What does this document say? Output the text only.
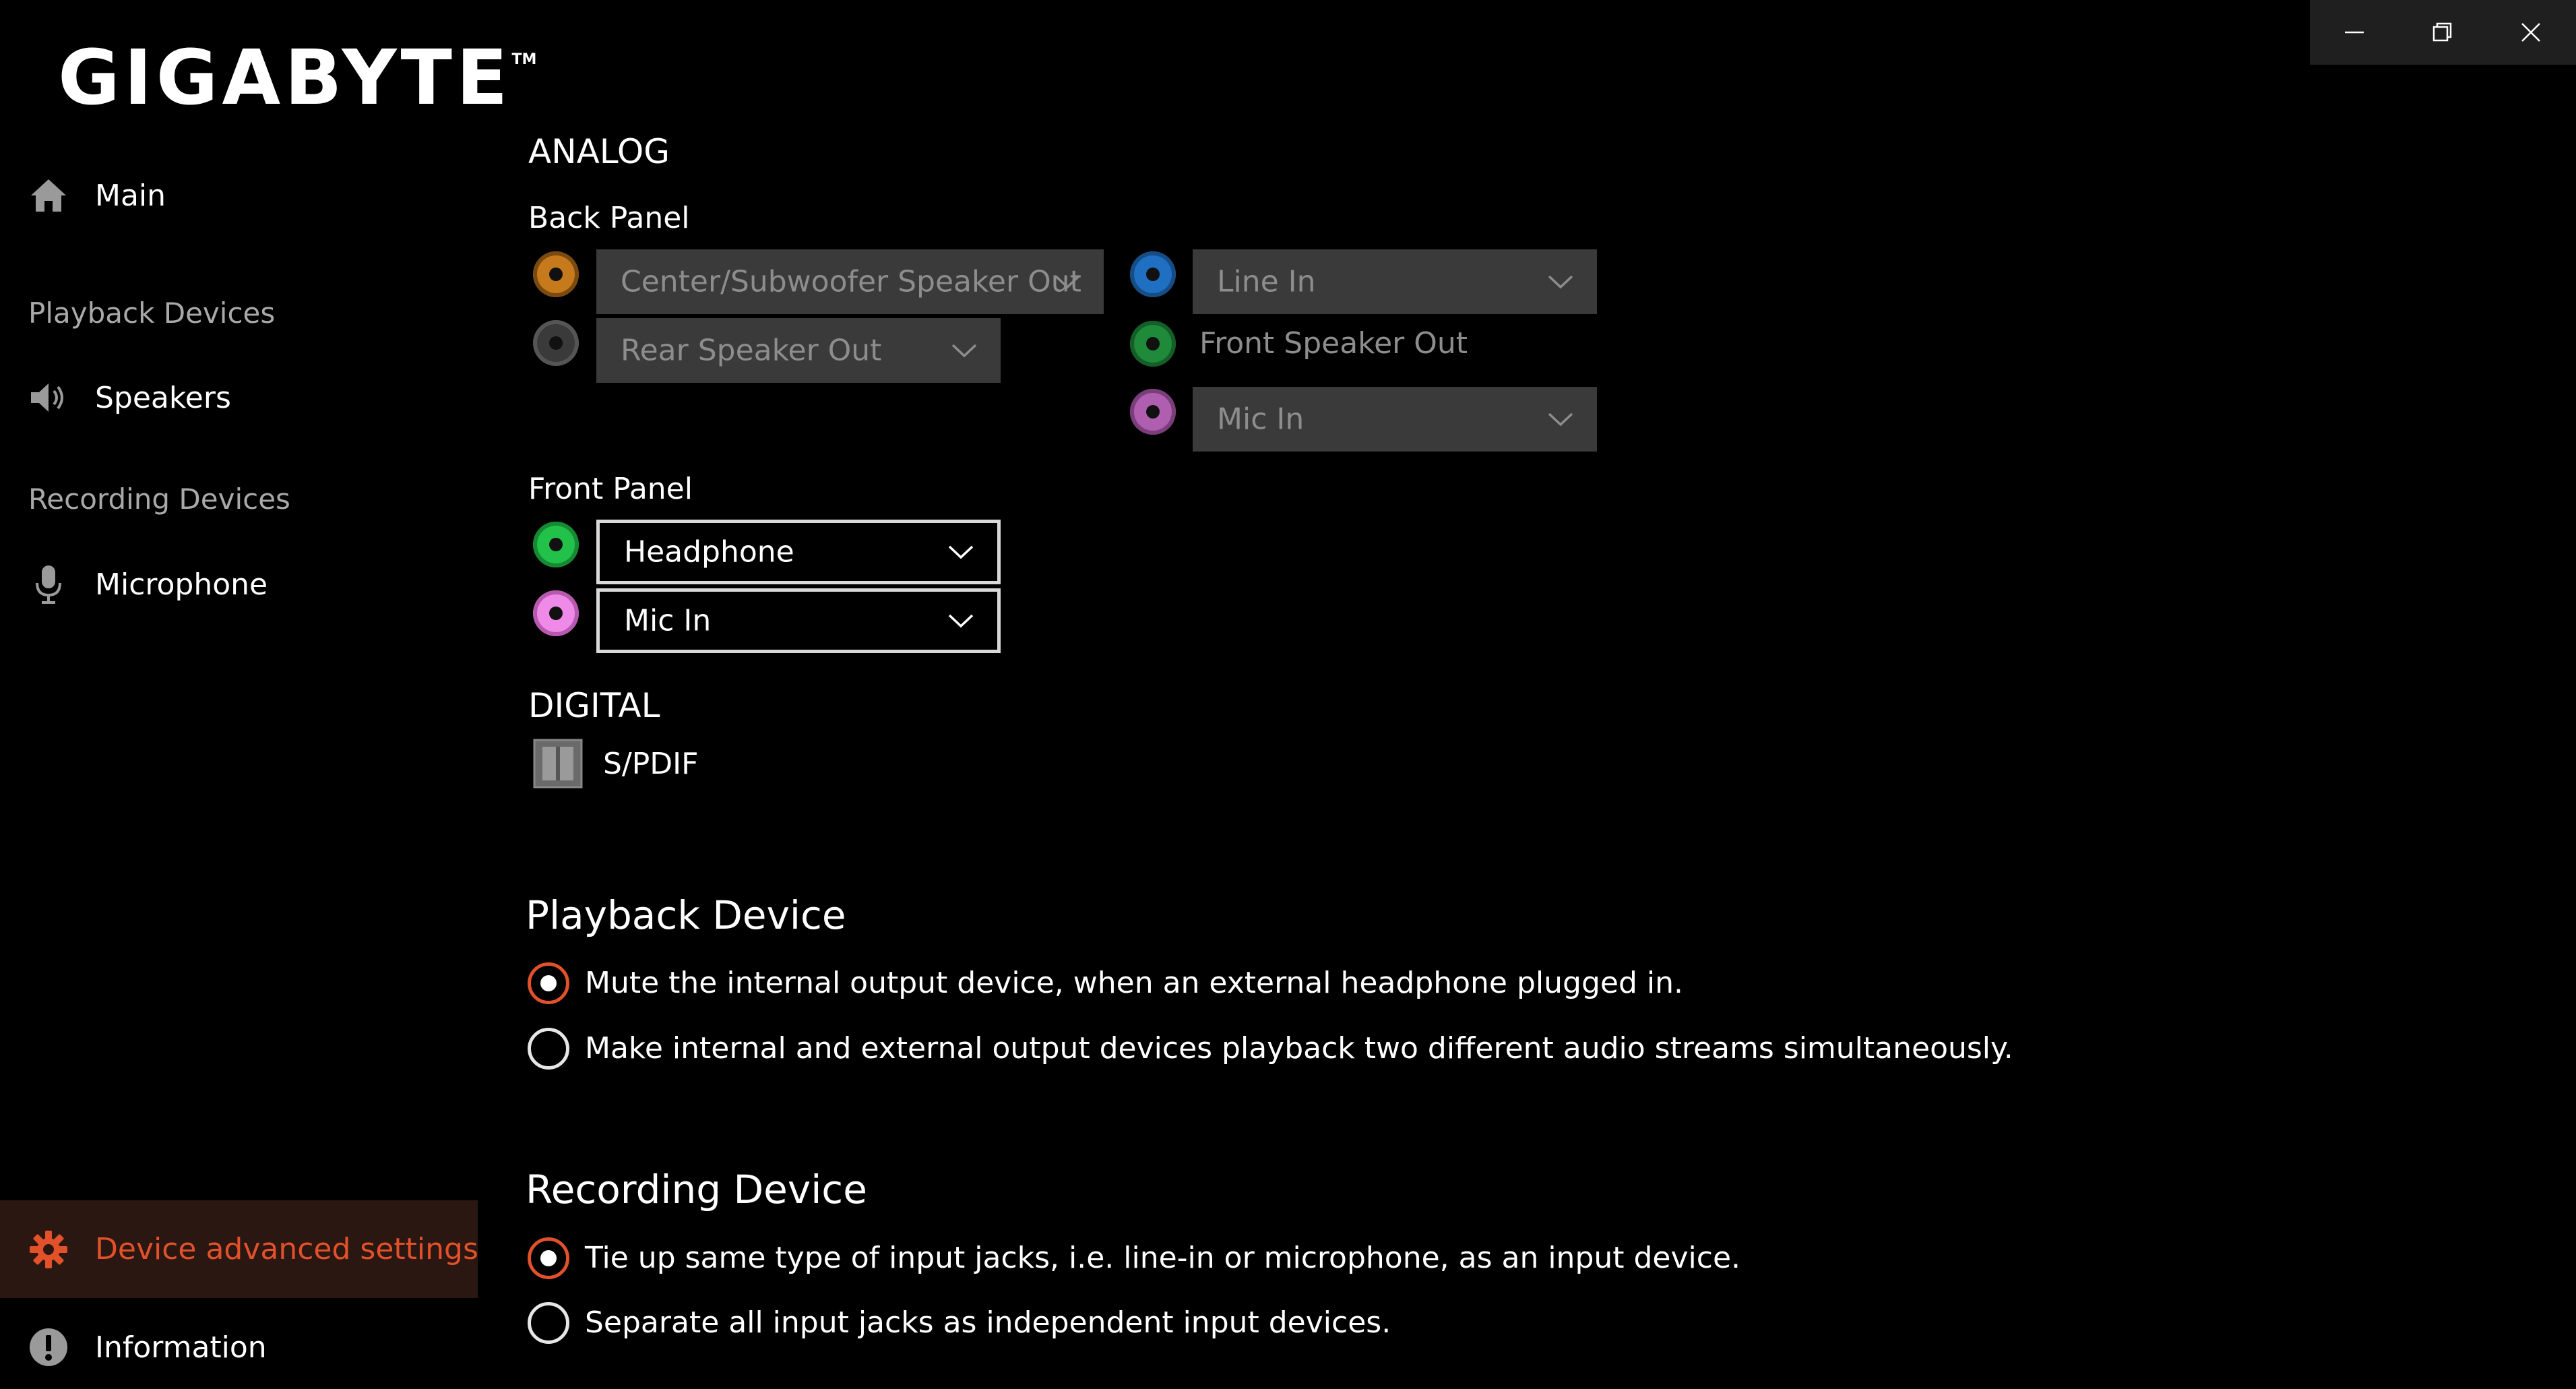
GIGABYTE™
Main
Playback Devices
Speakers
Recording Devices
Microphone
Device advanced settings
Information
ANALOG
Back Panel
Center/Subwoofer Speaker Out
Rear Speaker Out
Line In
Front Speaker Out
Mic In
Front Panel
Headphone
Mic In
DIGITAL
S/PDIF
Playback Device
Mute the internal output device, when an external headphone plugged in.
Make internal and external output devices playback two different audio streams simultaneously.
Recording Device
Tie up same type of input jacks, i.e. line-in or microphone, as an input device.
Separate all input jacks as independent input devices.
